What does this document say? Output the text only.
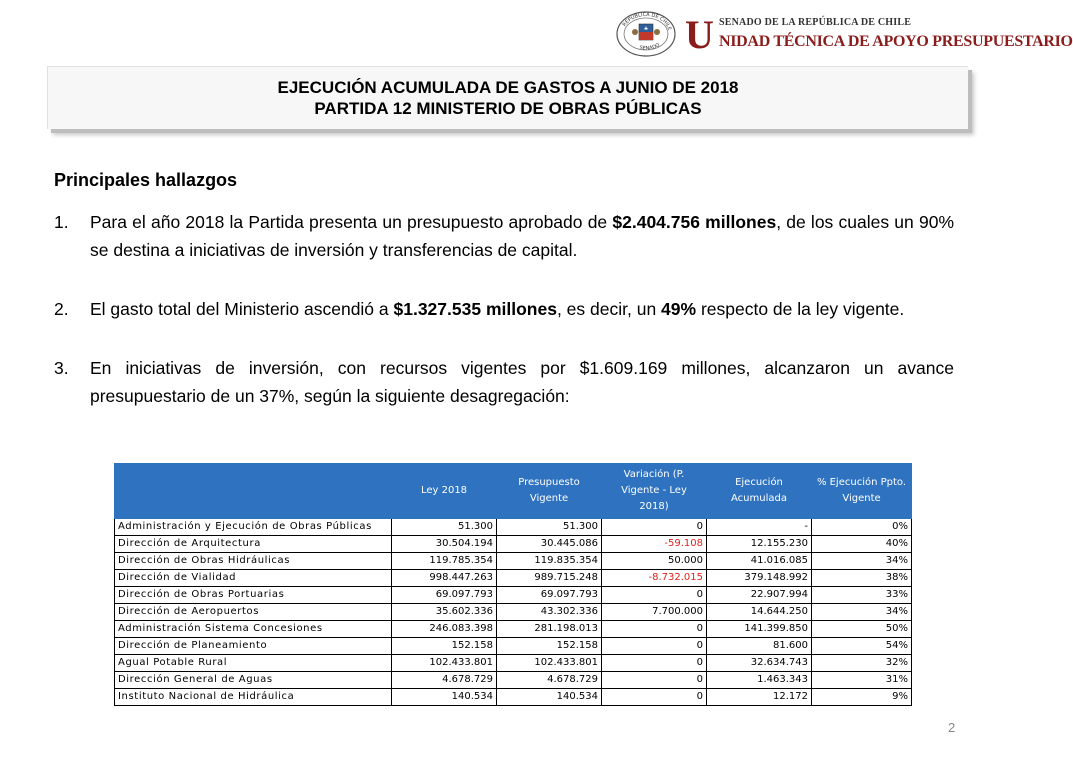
REPÚBLICA DE CHILE
SENADO U SENADO DE LA REPÚBLICA DE CHILE
NIDAD TÉCNICA DE APOYO PRESUPUESTARIO
EJECUCIÓN ACUMULADA DE GASTOS A JUNIO DE 2018
PARTIDA 12 MINISTERIO DE OBRAS PÚBLICAS
Principales hallazgos
1. Para el año 2018 la Partida presenta un presupuesto aprobado de $2.404.756 millones, de los cuales un 90% se destina a iniciativas de inversión y transferencias de capital.
2. El gasto total del Ministerio ascendió a $1.327.535 millones, es decir, un 49% respecto de la ley vigente.
3. En iniciativas de inversión, con recursos vigentes por $1.609.169 millones, alcanzaron un avance presupuestario de un 37%, según la siguiente desagregación:
	Ley 2018	Presupuesto Vigente	Variación (P. Vigente - Ley 2018)	Ejecución Acumulada	% Ejecución Ppto. Vigente
Administración y Ejecución de Obras Públicas	51.300	51.300	0	-	0%
Dirección de Arquitectura	30.504.194	30.445.086	-59.108	12.155.230	40%
Dirección de Obras Hidráulicas	119.785.354	119.835.354	50.000	41.016.085	34%
Dirección de Vialidad	998.447.263	989.715.248	-8.732.015	379.148.992	38%
Dirección de Obras Portuarias	69.097.793	69.097.793	0	22.907.994	33%
Dirección de Aeropuertos	35.602.336	43.302.336	7.700.000	14.644.250	34%
Administración Sistema Concesiones	246.083.398	281.198.013	0	141.399.850	50%
Dirección de Planeamiento	152.158	152.158	0	81.600	54%
Agual Potable Rural	102.433.801	102.433.801	0	32.634.743	32%
Dirección General de Aguas	4.678.729	4.678.729	0	1.463.343	31%
Instituto Nacional de Hidráulica	140.534	140.534	0	12.172	9%
2
